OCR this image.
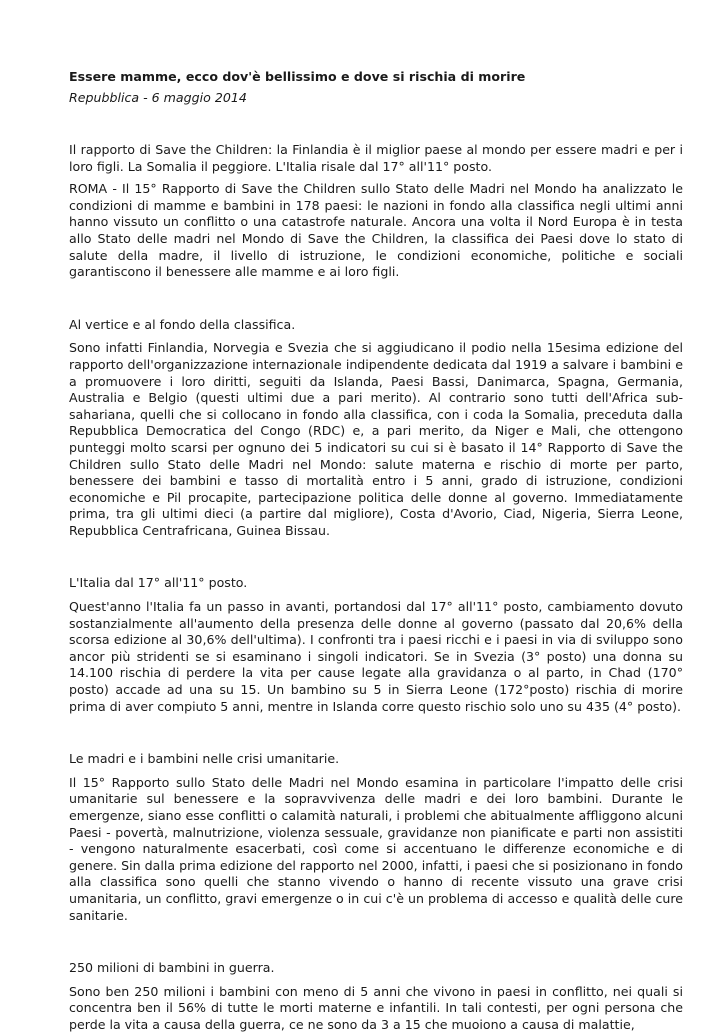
Essere mamme, ecco dov'è bellissimo e dove si rischia di morire

Repubblica - 6 maggio 2014

Il rapporto di Save the Children: la Finlandia è il miglior paese al mondo per essere madri e per i loro figli. La Somalia il peggiore. L'Italia risale dal 17° all'11° posto.

ROMA - Il 15° Rapporto di Save the Children sullo Stato delle Madri nel Mondo ha analizzato le condizioni di mamme e bambini in 178 paesi: le nazioni in fondo alla classifica negli ultimi anni hanno vissuto un conflitto o una catastrofe naturale. Ancora una volta il Nord Europa è in testa allo Stato delle madri nel Mondo di Save the Children, la classifica dei Paesi dove lo stato di salute della madre, il livello di istruzione, le condizioni economiche, politiche e sociali garantiscono il benessere alle mamme e ai loro figli.

Al vertice e al fondo della classifica.

Sono infatti Finlandia, Norvegia e Svezia che si aggiudicano il podio nella 15esima edizione del rapporto dell'organizzazione internazionale indipendente dedicata dal 1919 a salvare i bambini e a promuovere i loro diritti, seguiti da Islanda, Paesi Bassi, Danimarca, Spagna, Germania, Australia e Belgio (questi ultimi due a pari merito). Al contrario sono tutti dell'Africa sub-sahariana, quelli che si collocano in fondo alla classifica, con i coda la Somalia, preceduta dalla Repubblica Democratica del Congo (RDC) e, a pari merito, da Niger e Mali, che ottengono punteggi molto scarsi per ognuno dei 5 indicatori su cui si è basato il 14° Rapporto di Save the Children sullo Stato delle Madri nel Mondo: salute materna e rischio di morte per parto, benessere dei bambini e tasso di mortalità entro i 5 anni, grado di istruzione, condizioni economiche e Pil procapite, partecipazione politica delle donne al governo. Immediatamente prima, tra gli ultimi dieci (a partire dal migliore), Costa d'Avorio, Ciad, Nigeria, Sierra Leone, Repubblica Centrafricana, Guinea Bissau.

L'Italia dal 17° all'11° posto.

Quest'anno l'Italia fa un passo in avanti, portandosi dal 17° all'11° posto, cambiamento dovuto sostanzialmente all'aumento della presenza delle donne al governo (passato dal 20,6% della scorsa edizione al 30,6% dell'ultima). I confronti tra i paesi ricchi e i paesi in via di sviluppo sono ancor più stridenti se si esaminano i singoli indicatori. Se in Svezia (3° posto) una donna su 14.100 rischia di perdere la vita per cause legate alla gravidanza o al parto, in Chad (170° posto) accade ad una su 15. Un bambino su 5 in Sierra Leone (172°posto) rischia di morire prima di aver compiuto 5 anni, mentre in Islanda corre questo rischio solo uno su 435 (4° posto).

Le madri e i bambini nelle crisi umanitarie.

Il 15° Rapporto sullo Stato delle Madri nel Mondo esamina in particolare l'impatto delle crisi umanitarie sul benessere e la sopravvivenza delle madri e dei loro bambini. Durante le emergenze, siano esse conflitti o calamità naturali, i problemi che abitualmente affliggono alcuni Paesi - povertà, malnutrizione, violenza sessuale, gravidanze non pianificate e parti non assistiti - vengono naturalmente esacerbati, così come si accentuano le differenze economiche e di genere. Sin dalla prima edizione del rapporto nel 2000, infatti, i paesi che si posizionano in fondo alla classifica sono quelli che stanno vivendo o hanno di recente vissuto una grave crisi umanitaria, un conflitto, gravi emergenze o in cui c'è un problema di accesso e qualità delle cure sanitarie.

250 milioni di bambini in guerra.

Sono ben 250 milioni i bambini con meno di 5 anni che vivono in paesi in conflitto, nei quali si concentra ben il 56% di tutte le morti materne e infantili. In tali contesti, per ogni persona che perde la vita a causa della guerra, ce ne sono da 3 a 15 che muoiono a causa di malattie,
